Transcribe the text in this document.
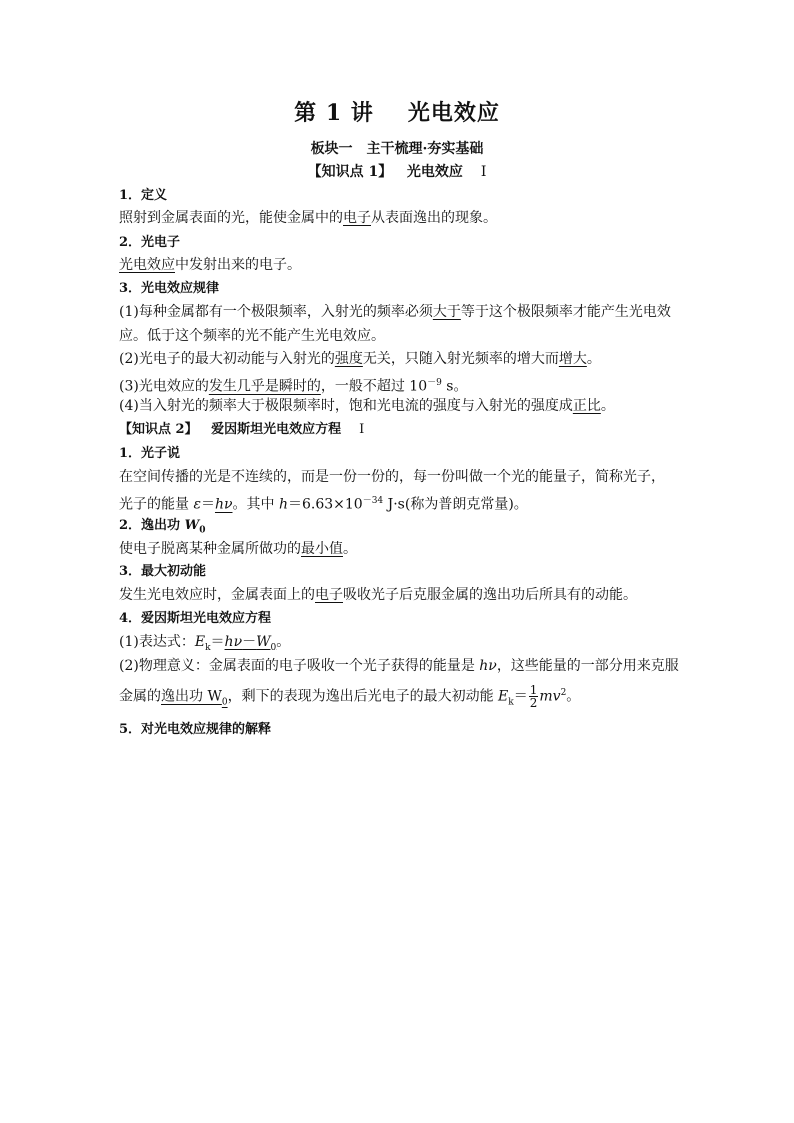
第 1 讲 光电效应
板块一　主干梳理·夯实基础
【知识点 1】 光电效应 Ⅰ
1．定义
照射到金属表面的光，能使金属中的电子从表面逸出的现象。
2．光电子
光电效应中发射出来的电子。
3．光电效应规律
(1)每种金属都有一个极限频率，入射光的频率必须大于等于这个极限频率才能产生光电效
应。低于这个频率的光不能产生光电效应。
(2)光电子的最大初动能与入射光的强度无关，只随入射光频率的增大而增大。
(3)光电效应的发生几乎是瞬时的，一般不超过 $10^{-9}$ s。
(4)当入射光的频率大于极限频率时，饱和光电流的强度与入射光的强度成正比。
【知识点 2】 爱因斯坦光电效应方程 Ⅰ
1．光子说
在空间传播的光是不连续的，而是一份一份的，每一份叫做一个光的能量子，简称光子，
光子的能量 ε＝hν。其中 $h=6.63\times 10^{-34}$ J·s(称为普朗克常量)。
2．逸出功 $W_0$
使电子脱离某种金属所做功的最小值。
3．最大初动能
发生光电效应时，金属表面上的电子吸收光子后克服金属的逸出功后所具有的动能。
4．爱因斯坦光电效应方程
(1)表达式：$E_k=h\nu-W_0$。
(2)物理意义：金属表面的电子吸收一个光子获得的能量是 hν，这些能量的一部分用来克服
金属的逸出功 $W_0$，剩下的表现为逸出后光电子的最大初动能 $E_k= \frac{1}{2} mv^2$。
5．对光电效应规律的解释
